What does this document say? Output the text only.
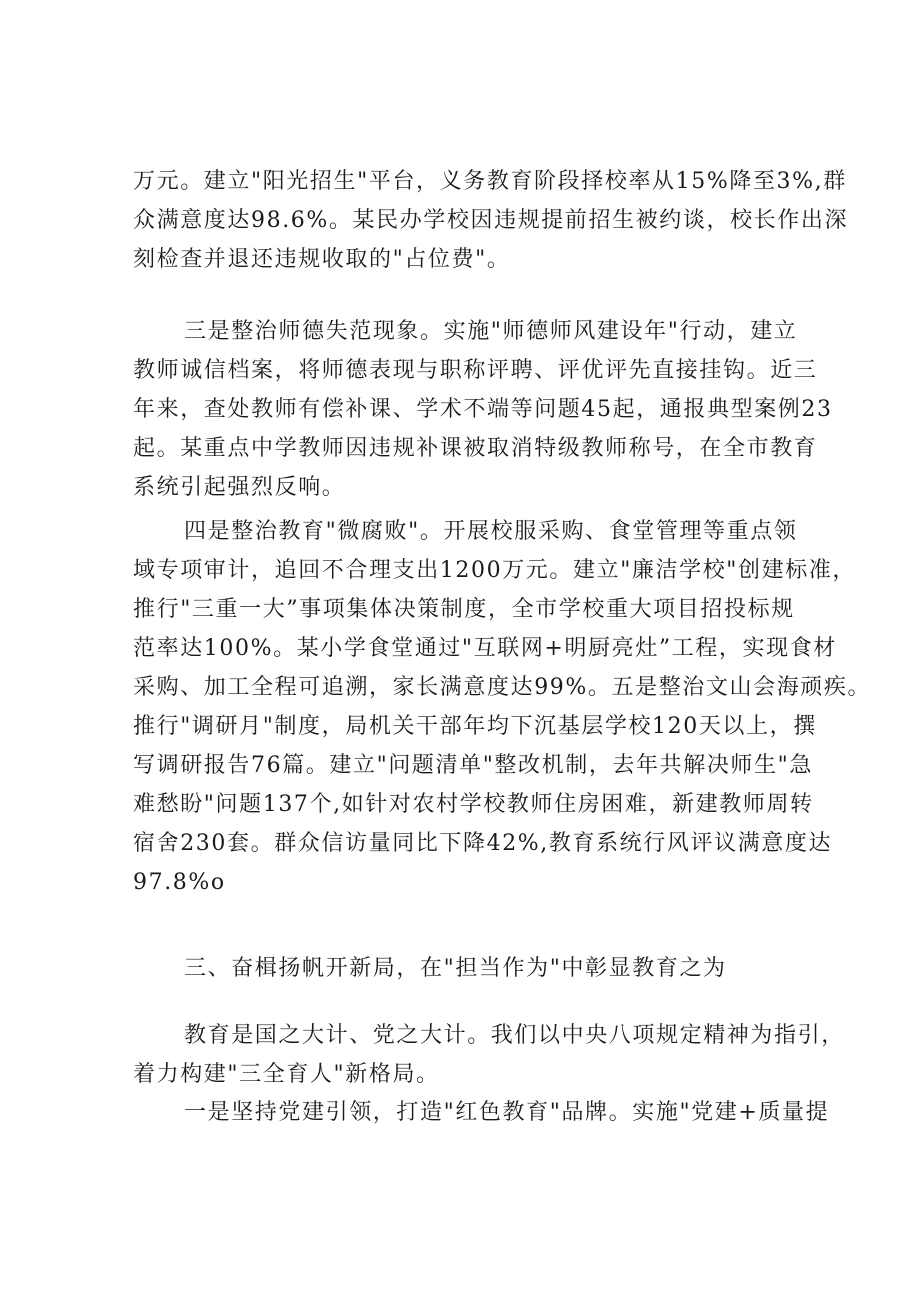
万元。建立"阳光招生"平台，义务教育阶段择校率从15%降至3%,群
众满意度达98.6%。某民办学校因违规提前招生被约谈，校长作出深
刻检查并退还违规收取的"占位费"。
三是整治师德失范现象。实施"师德师风建设年"行动，建立
教师诚信档案，将师德表现与职称评聘、评优评先直接挂钩。近三
年来，查处教师有偿补课、学术不端等问题45起，通报典型案例23
起。某重点中学教师因违规补课被取消特级教师称号，在全市教育
系统引起强烈反响。
四是整治教育"微腐败"。开展校服采购、食堂管理等重点领
域专项审计，追回不合理支出1200万元。建立"廉洁学校"创建标准，
推行"三重一大”事项集体决策制度，全市学校重大项目招投标规
范率达100%。某小学食堂通过"互联网+明厨亮灶”工程，实现食材
采购、加工全程可追溯，家长满意度达99%。五是整治文山会海顽疾。
推行"调研月"制度，局机关干部年均下沉基层学校120天以上，撰
写调研报告76篇。建立"问题清单"整改机制，去年共解决师生"急
难愁盼"问题137个,如针对农村学校教师住房困难，新建教师周转
宿舍230套。群众信访量同比下降42%,教育系统行风评议满意度达
97.8%o
三、奋楫扬帆开新局，在"担当作为"中彰显教育之为
教育是国之大计、党之大计。我们以中央八项规定精神为指引，
着力构建"三全育人"新格局。
一是坚持党建引领，打造"红色教育"品牌。实施"党建+质量提
